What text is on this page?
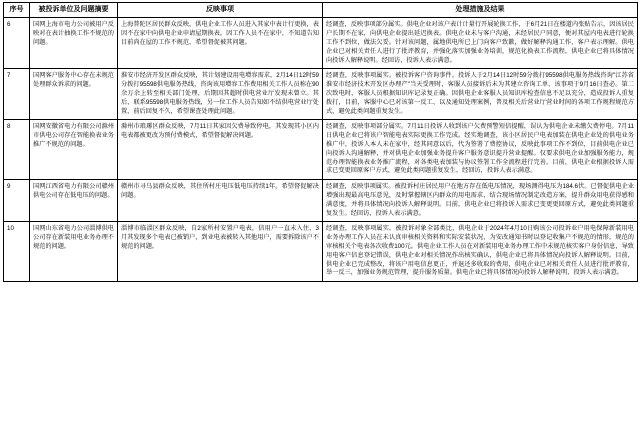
序号	被投诉单位及问题摘要	反映事项	处理措施及结果
6	国网上海市电力公司被用户反映对在表计抽换工作不规范的问题。	上海普陀区居民群众反映，供电企业工作人员进入其家中表计行更换，表因不在家中向供电企业申请屋期换表。因工作人员不在家中，不知道告知目前尚在屋的工作不规范，希望督促被其问题。	经调查，反映事项部分属实。供电企业对该户表计计量行开展轮换工作，于6月21日在楼道内张贴告示，因该居民户长期不在家，向供电企业提出延迟换表。供电企业未与客户沟通，未经居民户同意，便对其屋内电表进行轮换工作不到位，做法欠妥。针对该问题，属地供电所已上门向客户致歉，做好解释沟通工作，客户表示理解。供电企业已对相关责任人进行了批评教育，并强化落实加强业务培训，规范化换表工作流程，供电企业已将具体情况向投诉人解释说明。经回访，投诉人表示满意。
7	国网客户服务中心存在未规范处理群众诉求的问题。	淮安市经济开发区群众反映，其计划建设用电增容需求，2月14日12时59分拨打95598供电服务热线，咨询该用增容工作费用相关工作人员称在90余万余上转至相关部门处理，后期因其超时供电营业厅发现未曾立。其后，联系95598供电服务热线，另一位工作人员告知如不结供电营业厅处置，前后回复不久，希望课查处理此问题。	经调查，反映事项属实。被投诉客户咨询事件。投诉人于2月14日12时59分拨打95598供电服务热线咨询"江苏省淮安市经济技术开发区办理产"当天受理时，客服人员接诉后未为其建立咨询工单，该事项于9月16日查必。第二次致电时，客服人员根据知识库记录复正确。因供电企业客服人员知识库检查信息不足以充分，造成投诉人重复拨打，目前，客服中心已对该第一反工、以及通知处理案例，普及相关后营业厅营业时间的各项工作规程规范方式，避免此类问题重复发生。
8	国网安徽省电力有限公司滁州市供电公司存在智能换表业务推广不规范的问题。	滁州市琅琊区群众反映，7月11日其家因欠费导致停电，其发现其小区内电表都被更改为预付费模式，希望督促解决问题。	经调查，反映事项部分属实。7月11日投诉人收到该户欠费预警短信提醒，误认为供电企业未缴欠费停电。7月11日供电企业已将该户智能电表实际更换工作完成。经实地调查，该小区居民户电表加装在供电企业处的供电业务推广中，投诉人本人未在家中，经其同意以后，代为签署了费控协议，反映此事项工作不到位，目前供电企业已向投诉人沟通解释，并对供电企业加强业务提升客户服务意识提升营业提醒。仅要求供电企业加强服务能力，规范办理智能换表业务推广流程，对各类电表加装与协议签署工作全流程进行完善。目前，供电企业根据投诉人需求已变更回原客户方式，避免此类问题重复发生。经回访，投诉人表示满意。
9	国网江西省电力有限公司赣州供电公司存在低电压的问题。	赣州市寻乌县群众反映，其住所村庄电压低电压持续1年。希望督促解决问题。	经调查，反映事项属实。被投诉村庄居民用户在地方存在低电压情况，现场测得电压为184.6伏。已督促供电企业增强出现最高电压意见，及时掌握辖区内群众的用电需求，结合现场情况制定改造方案，提升群众用电获得感和满意度，并将具体情况向投诉人解释说明。目前，供电企业已将投诉人需求已变更更回原方式，避免此类问题重复发生。经回访，投诉人表示满意。
10	国网山东省电力公司淄博供电公司存在新装用电业务办理不规范的问题。	淄博市临淄区群众反映，自2家所村安置户电表，信用户一直未入住，3月其发现多个电表已被销户，到业电表被转入其他用户，需要拆除该户不规范的问题。	经调查，反映事项属实。被投诉对象全部类比，供电企业于2024年4月10日购该公司投诉业户用电保障新装用电业务办理工作人员在未认真审核相关资料和实际安装状况，为安改通知书时以登记收集户不规范的情形，规范的审核相关个电表各次收费100元。供电企业工作人员在对新装用电业务办理工作中未规范核实客户身份信息，导致用电客户信息登记错误，供电企业对相关情况作出核实确认，供电企业已将具体情况向投诉人解释说明。目前，供电企业已完成整改，将该户用电信息更正，并退还多收取的费用，供电企业已对相关责任人员进行批评教育，举一反三，加强业务规范管理，提升服务质量。供电企业已将具体情况向投诉人解释说明，投诉人表示满意。
